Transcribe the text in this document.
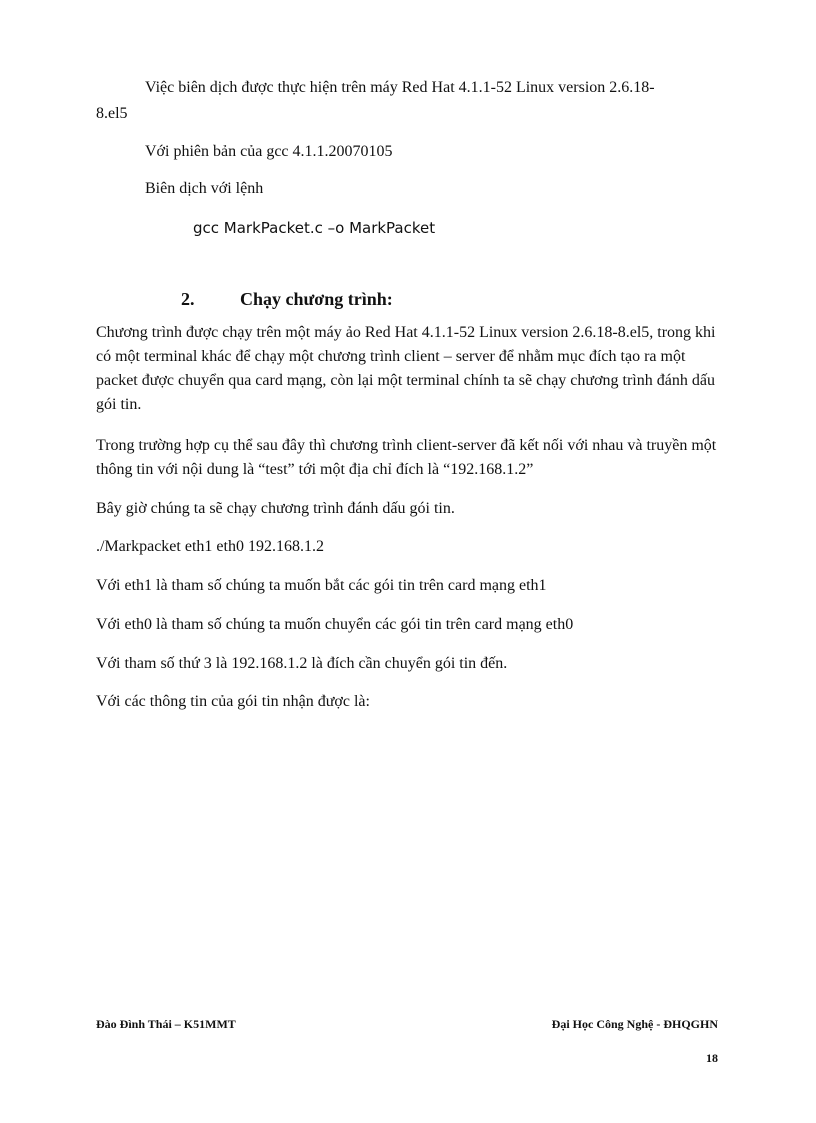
Việc biên dịch được thực hiện trên máy Red Hat 4.1.1-52 Linux version 2.6.18-
8.el5
Với phiên bản của gcc 4.1.1.20070105
Biên dịch với lệnh
gcc MarkPacket.c –o MarkPacket
2.	Chạy chương trình:
Chương trình được chạy trên một máy ảo Red Hat 4.1.1-52 Linux version 2.6.18-8.el5, trong khi có một terminal khác để chạy một chương trình client – server để nhằm mục đích tạo ra một packet được chuyển qua card mạng, còn lại một terminal chính ta sẽ chạy chương trình đánh dấu gói tin.
Trong trường hợp cụ thể sau đây thì chương trình client-server đã kết nối với nhau và truyền một thông tin với nội dung là “test” tới một địa chỉ đích là “192.168.1.2”
Bây giờ chúng ta sẽ chạy chương trình đánh dấu gói tin.
./Markpacket eth1 eth0 192.168.1.2
Với eth1 là tham số chúng ta muốn bắt các gói tin trên card mạng eth1
Với eth0 là tham số chúng ta muốn chuyển các gói tin trên card mạng eth0
Với tham số thứ 3 là 192.168.1.2 là đích cần chuyển gói tin đến.
Với các thông tin của gói tin nhận được là:
Đào Đình Thái – K51MMT	Đại Học Công Nghệ - ĐHQGHN
18
